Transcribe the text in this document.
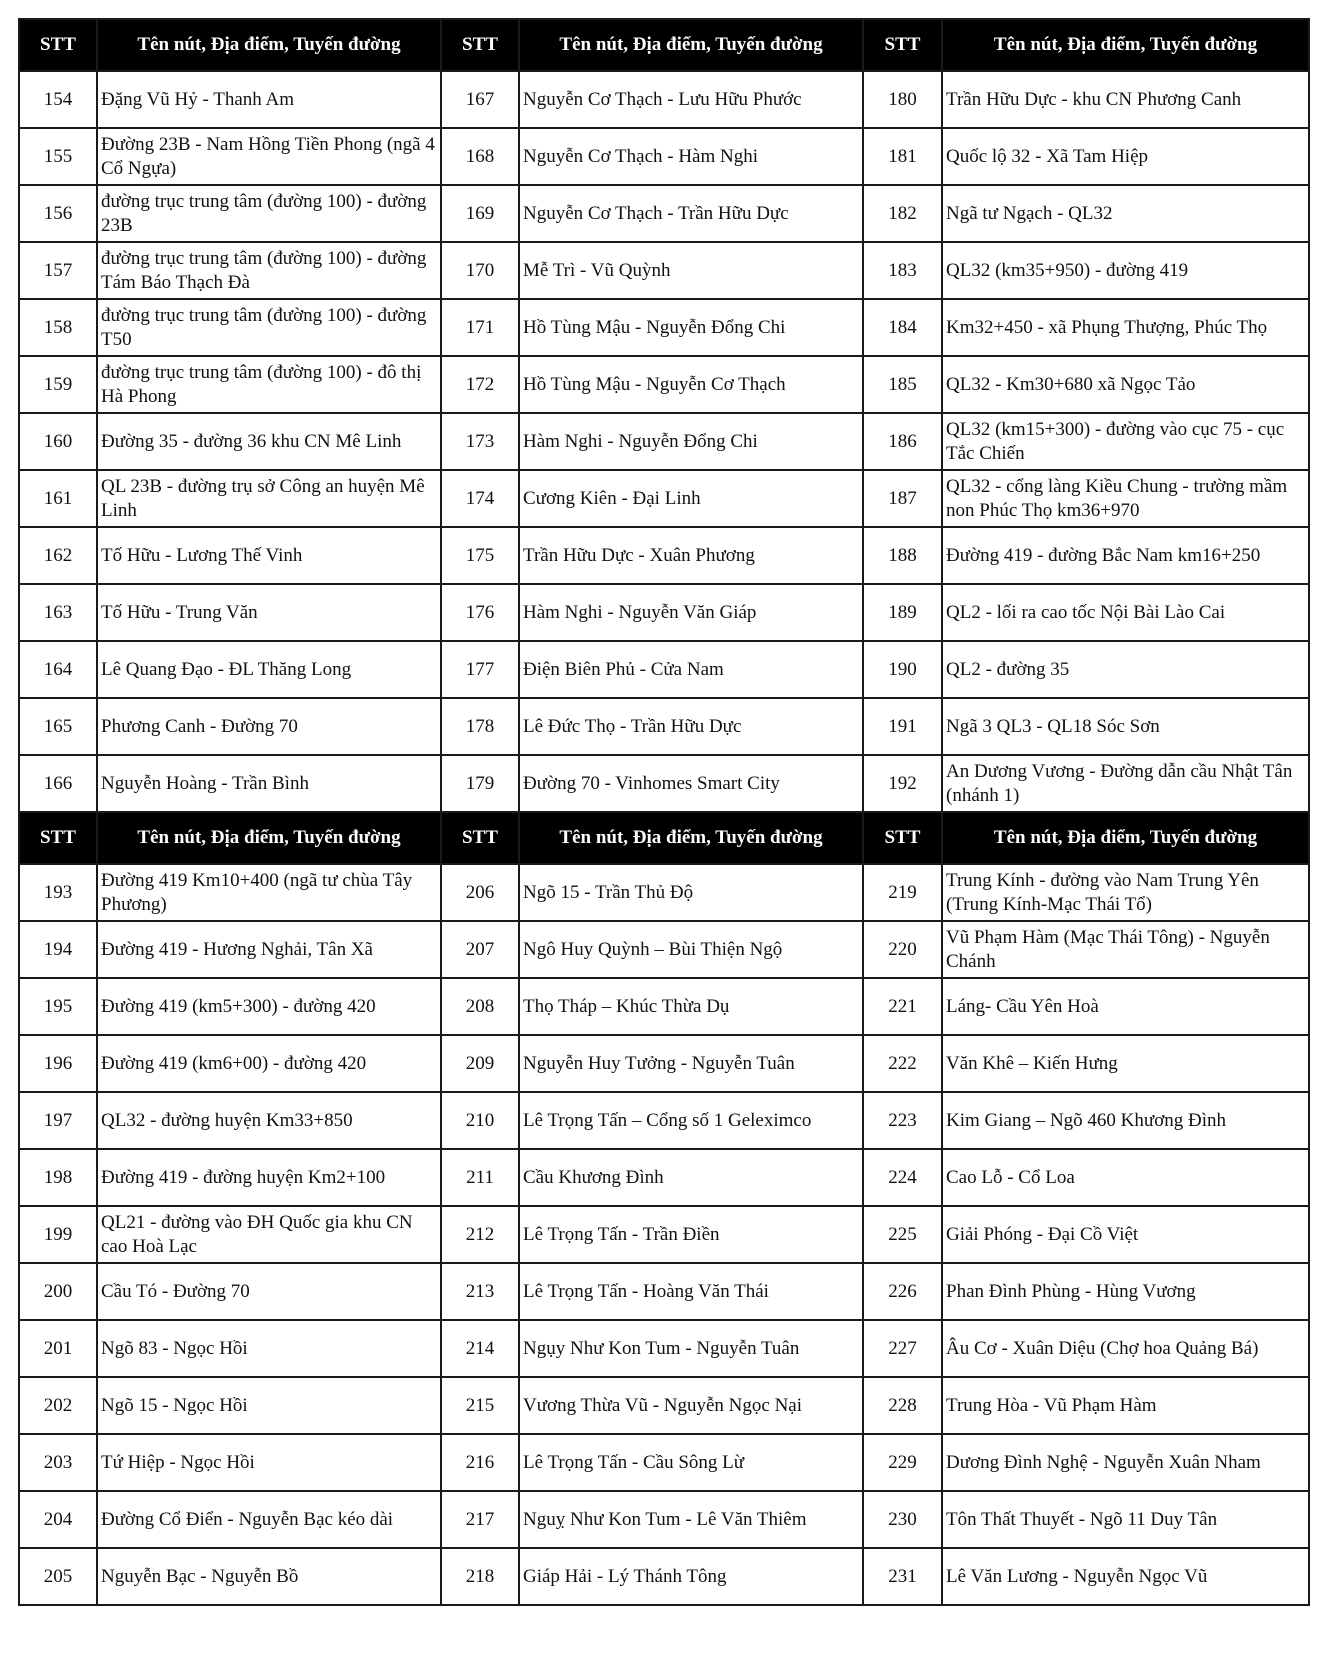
STT	Tên nút, Địa điểm, Tuyến đường	STT	Tên nút, Địa điểm, Tuyến đường	STT	Tên nút, Địa điểm, Tuyến đường
154	Đặng Vũ Hỷ - Thanh Am	167	Nguyễn Cơ Thạch - Lưu Hữu Phước	180	Trần Hữu Dực - khu CN Phương Canh
155	Đường 23B - Nam Hồng Tiền Phong (ngã 4 Cổ Ngựa)	168	Nguyễn Cơ Thạch - Hàm Nghi	181	Quốc lộ 32 - Xã Tam Hiệp
156	đường trục trung tâm (đường 100) - đường 23B	169	Nguyễn Cơ Thạch - Trần Hữu Dực	182	Ngã tư Ngạch - QL32
157	đường trục trung tâm (đường 100) - đường Tám Báo Thạch Đà	170	Mễ Trì - Vũ Quỳnh	183	QL32 (km35+950) - đường 419
158	đường trục trung tâm (đường 100) - đường T50	171	Hồ Tùng Mậu - Nguyễn Đổng Chi	184	Km32+450 - xã Phụng Thượng, Phúc Thọ
159	đường trục trung tâm (đường 100) - đô thị Hà Phong	172	Hồ Tùng Mậu - Nguyễn Cơ Thạch	185	QL32 - Km30+680 xã Ngọc Tảo
160	Đường 35 - đường 36 khu CN Mê Linh	173	Hàm Nghi - Nguyễn Đổng Chi	186	QL32 (km15+300) - đường vào cục 75 - cục Tắc Chiến
161	QL 23B - đường trụ sở Công an huyện Mê Linh	174	Cương Kiên - Đại Linh	187	QL32 - cổng làng Kiều Chung - trường mầm non Phúc Thọ km36+970
162	Tố Hữu - Lương Thế Vinh	175	Trần Hữu Dực - Xuân Phương	188	Đường 419 - đường Bắc Nam km16+250
163	Tố Hữu - Trung Văn	176	Hàm Nghi - Nguyễn Văn Giáp	189	QL2 - lối ra cao tốc Nội Bài Lào Cai
164	Lê Quang Đạo - ĐL Thăng Long	177	Điện Biên Phủ - Cửa Nam	190	QL2 - đường 35
165	Phương Canh - Đường 70	178	Lê Đức Thọ - Trần Hữu Dực	191	Ngã 3 QL3 - QL18 Sóc Sơn
166	Nguyễn Hoàng - Trần Bình	179	Đường 70 - Vinhomes Smart City	192	An Dương Vương - Đường dẫn cầu Nhật Tân (nhánh 1)
STT	Tên nút, Địa điểm, Tuyến đường	STT	Tên nút, Địa điểm, Tuyến đường	STT	Tên nút, Địa điểm, Tuyến đường
193	Đường 419 Km10+400 (ngã tư chùa Tây Phương)	206	Ngõ 15 - Trần Thủ Độ	219	Trung Kính - đường vào Nam Trung Yên (Trung Kính-Mạc Thái Tổ)
194	Đường 419 - Hương Nghải, Tân Xã	207	Ngô Huy Quỳnh – Bùi Thiện Ngộ	220	Vũ Phạm Hàm (Mạc Thái Tông) - Nguyễn Chánh
195	Đường 419 (km5+300) - đường 420	208	Thọ Tháp – Khúc Thừa Dụ	221	Láng- Cầu Yên Hoà
196	Đường 419 (km6+00) - đường 420	209	Nguyễn Huy Tưởng - Nguyễn Tuân	222	Văn Khê – Kiến Hưng
197	QL32 - đường huyện Km33+850	210	Lê Trọng Tấn – Cổng số 1 Geleximco	223	Kim Giang – Ngõ 460 Khương Đình
198	Đường 419 - đường huyện Km2+100	211	Cầu Khương Đình	224	Cao Lỗ - Cổ Loa
199	QL21 - đường vào ĐH Quốc gia khu CN cao Hoà Lạc	212	Lê Trọng Tấn - Trần Điền	225	Giải Phóng - Đại Cồ Việt
200	Cầu Tó - Đường 70	213	Lê Trọng Tấn - Hoàng Văn Thái	226	Phan Đình Phùng - Hùng Vương
201	Ngõ 83 - Ngọc Hồi	214	Ngụy Như Kon Tum - Nguyễn Tuân	227	Âu Cơ - Xuân Diệu (Chợ hoa Quảng Bá)
202	Ngõ 15 - Ngọc Hồi	215	Vương Thừa Vũ - Nguyễn Ngọc Nại	228	Trung Hòa - Vũ Phạm Hàm
203	Tứ Hiệp - Ngọc Hồi	216	Lê Trọng Tấn - Cầu Sông Lừ	229	Dương Đình Nghệ - Nguyễn Xuân Nham
204	Đường Cổ Điển - Nguyễn Bạc kéo dài	217	Nguỵ Như Kon Tum - Lê Văn Thiêm	230	Tôn Thất Thuyết - Ngõ 11 Duy Tân
205	Nguyễn Bạc - Nguyễn Bồ	218	Giáp Hải - Lý Thánh Tông	231	Lê Văn Lương - Nguyễn Ngọc Vũ
